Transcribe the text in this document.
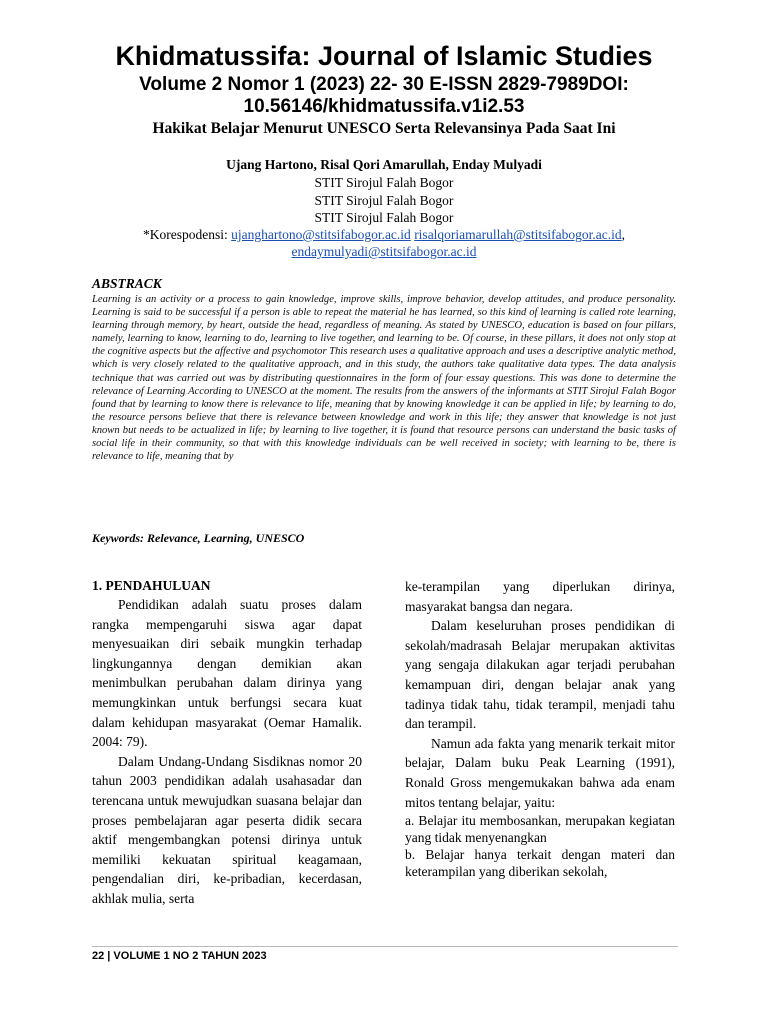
Khidmatussifa: Journal of Islamic Studies
Volume 2 Nomor 1 (2023) 22- 30 E-ISSN 2829-7989DOI: 10.56146/khidmatussifa.v1i2.53
Hakikat Belajar Menurut UNESCO Serta Relevansinya Pada Saat Ini
Ujang Hartono, Risal Qori Amarullah, Enday Mulyadi
STIT Sirojul Falah Bogor
STIT Sirojul Falah Bogor
STIT Sirojul Falah Bogor
*Korespodensi: ujanghartono@stitsifabogor.ac.id risalqoriamarullah@stitsifabogor.ac.id,
endaymulyadi@stitsifabogor.ac.id
ABSTRACK

Learning is an activity or a process to gain knowledge, improve skills, improve behavior, develop attitudes, and produce personality. Learning is said to be successful if a person is able to repeat the material he has learned, so this kind of learning is called rote learning, learning through memory, by heart, outside the head, regardless of meaning. As stated by UNESCO, education is based on four pillars, namely, learning to know, learning to do, learning to live together, and learning to be. Of course, in these pillars, it does not only stop at the cognitive aspects but the affective and psychomotor This research uses a qualitative approach and uses a descriptive analytic method, which is very closely related to the qualitative approach, and in this study, the authors take qualitative data types. The data analysis technique that was carried out was by distributing questionnaires in the form of four essay questions. This was done to determine the relevance of Learning According to UNESCO at the moment. The results from the answers of the informants at STIT Sirojul Falah Bogor found that by learning to know there is relevance to life, meaning that by knowing knowledge it can be applied in life; by learning to do, the resource persons believe that there is relevance between knowledge and work in this life; they answer that knowledge is not just known but needs to be actualized in life; by learning to live together, it is found that resource persons can understand the basic tasks of social life in their community, so that with this knowledge individuals can be well received in society; with learning to be, there is relevance to life, meaning that by

Keywords: Relevance, Learning, UNESCO
1. PENDAHULUAN

Pendidikan adalah suatu proses dalam rangka mempengaruhi siswa agar dapat menyesuaikan diri sebaik mungkin terhadap lingkungannya dengan demikian akan menimbulkan perubahan dalam dirinya yang memungkinkan untuk berfungsi secara kuat dalam kehidupan masyarakat (Oemar Hamalik. 2004: 79).

Dalam Undang-Undang Sisdiknas nomor 20 tahun 2003 pendidikan adalah usahasadar dan terencana untuk mewujudkan suasana belajar dan proses pembelajaran agar peserta didik secara aktif mengembangkan potensi dirinya untuk memiliki kekuatan spiritual keagamaan, pengendalian diri, ke-pribadian, kecerdasan, akhlak mulia, serta

ke-terampilan yang diperlukan dirinya, masyarakat bangsa dan negara.

Dalam keseluruhan proses pendidikan di sekolah/madrasah Belajar merupakan aktivitas yang sengaja dilakukan agar terjadi perubahan kemampuan diri, dengan belajar anak yang tadinya tidak tahu, tidak terampil, menjadi tahu dan terampil.

Namun ada fakta yang menarik terkait mitor belajar, Dalam buku Peak Learning (1991), Ronald Gross mengemukakan bahwa ada enam mitos tentang belajar, yaitu:

a. Belajar itu membosankan, merupakan kegiatan yang tidak menyenangkan

b. Belajar hanya terkait dengan materi dan keterampilan yang diberikan sekolah,

22 | VOLUME 1 NO 2 TAHUN 2023
